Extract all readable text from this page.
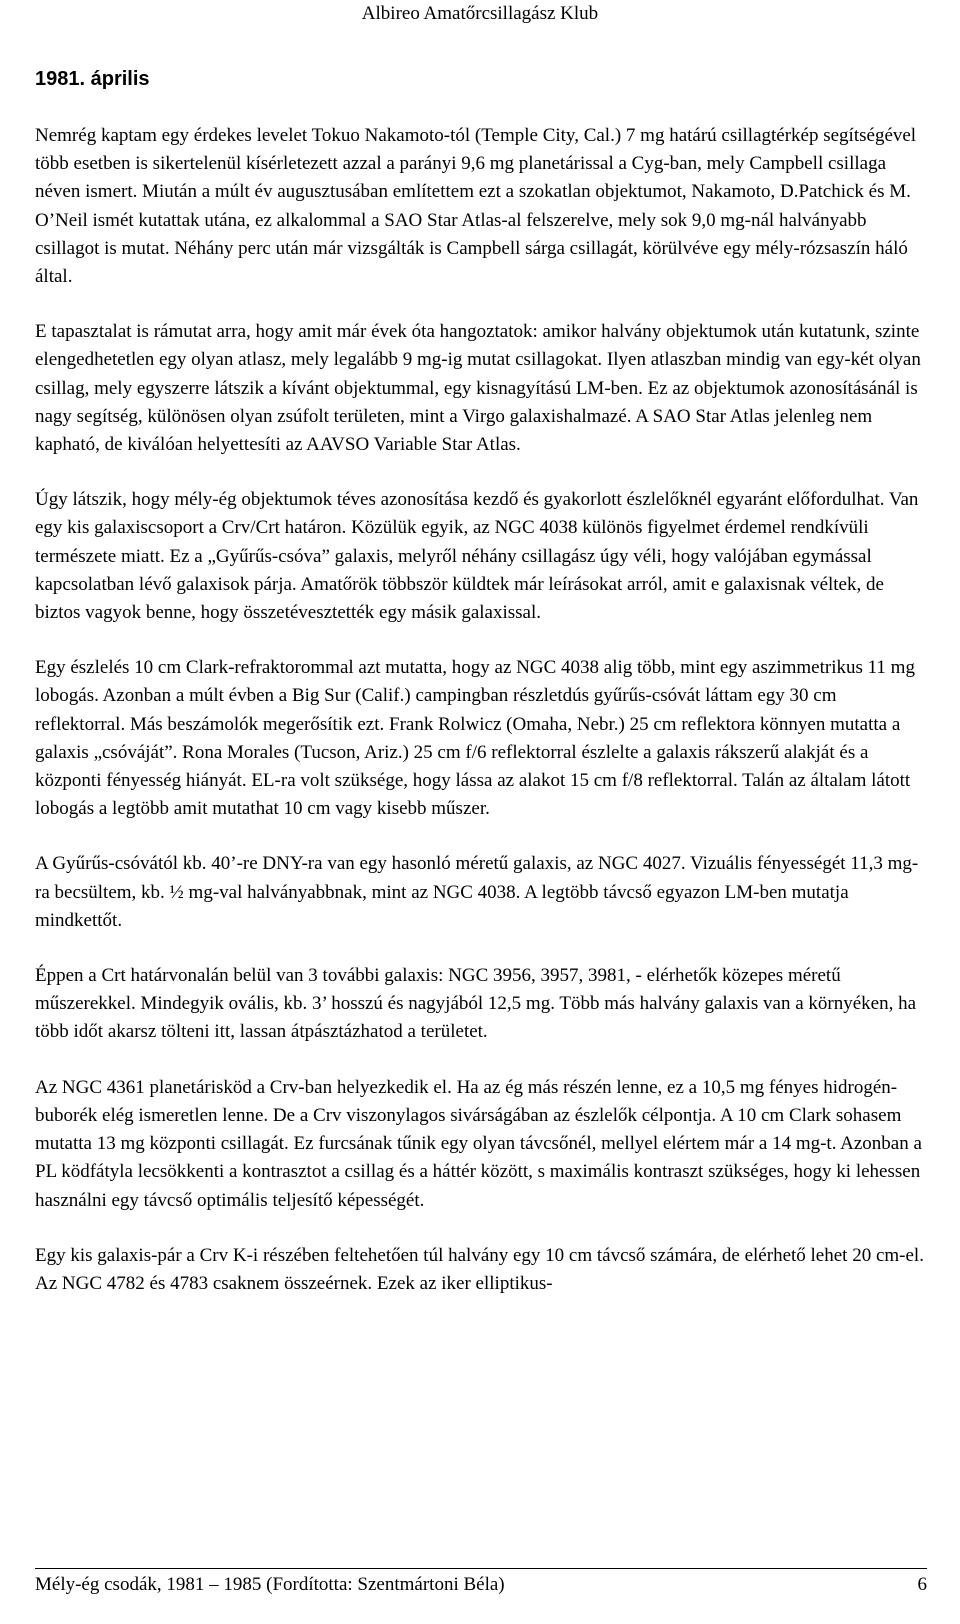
Albireo Amatőrcsillagász Klub
1981. április

Nemrég kaptam egy érdekes levelet Tokuo Nakamoto-tól (Temple City, Cal.) 7 mg határú csillagtérkép segítségével több esetben is sikertelenül kísérletezett azzal a parányi 9,6 mg planetárissal a Cyg-ban, mely Campbell csillaga néven ismert. Miután a múlt év augusztusában említettem ezt a szokatlan objektumot, Nakamoto, D.Patchick és M. O’Neil ismét kutattak utána, ez alkalommal a SAO Star Atlas-al felszerelve, mely sok 9,0 mg-nál halványabb csillagot is mutat. Néhány perc után már vizsgálták is Campbell sárga csillagát, körülvéve egy mély-rózsaszín háló által.

E tapasztalat is rámutat arra, hogy amit már évek óta hangoztatok: amikor halvány objektumok után kutatunk, szinte elengedhetetlen egy olyan atlasz, mely legalább 9 mg-ig mutat csillagokat. Ilyen atlaszban mindig van egy-két olyan csillag, mely egyszerre látszik a kívánt objektummal, egy kisnagyítású LM-ben. Ez az objektumok azonosításánál is nagy segítség, különösen olyan zsúfolt területen, mint a Virgo galaxishalmazé. A SAO Star Atlas jelenleg nem kapható, de kiválóan helyettesíti az AAVSO Variable Star Atlas.

Úgy látszik, hogy mély-ég objektumok téves azonosítása kezdő és gyakorlott észlelőknél egyaránt előfordulhat. Van egy kis galaxiscsoport a Crv/Crt határon. Közülük egyik, az NGC 4038 különös figyelmet érdemel rendkívüli természete miatt. Ez a „Gyűrűs-csóva” galaxis, melyről néhány csillagász úgy véli, hogy valójában egymással kapcsolatban lévő galaxisok párja. Amatőrök többször küldtek már leírásokat arról, amit e galaxisnak véltek, de biztos vagyok benne, hogy összetévesztették egy másik galaxissal.

Egy észlelés 10 cm Clark-refraktorommal azt mutatta, hogy az NGC 4038 alig több, mint egy aszimmetrikus 11 mg lobogás. Azonban a múlt évben a Big Sur (Calif.) campingban részletdús gyűrűs-csóvát láttam egy 30 cm reflektorral. Más beszámolók megerősítik ezt. Frank Rolwicz (Omaha, Nebr.) 25 cm reflektora könnyen mutatta a galaxis „csóváját”. Rona Morales (Tucson, Ariz.) 25 cm f/6 reflektorral észlelte a galaxis rákszerű alakját és a központi fényesség hiányát. EL-ra volt szüksége, hogy lássa az alakot 15 cm f/8 reflektorral. Talán az általam látott lobogás a legtöbb amit mutathat 10 cm vagy kisebb műszer.

A Gyűrűs-csóvától kb. 40’-re DNY-ra van egy hasonló méretű galaxis, az NGC 4027. Vizuális fényességét 11,3 mg-ra becsültem, kb. ½ mg-val halványabbnak, mint az NGC 4038. A legtöbb távcső egyazon LM-ben mutatja mindkettőt.

Éppen a Crt határvonalán belül van 3 további galaxis: NGC 3956, 3957, 3981, - elérhetők közepes méretű műszerekkel. Mindegyik ovális, kb. 3’ hosszú és nagyjából 12,5 mg. Több más halvány galaxis van a környéken, ha több időt akarsz tölteni itt, lassan átpásztázhatod a területet.

Az NGC 4361 planetáriskö‍d a Crv-ban helyezkedik el. Ha az ég más részén lenne, ez a 10,5 mg fényes hidrogén-buborék elég ismeretlen lenne. De a Crv viszonylagos sivárságában az észlelők célpontja. A 10 cm Clark sohasem mutatta 13 mg központi csillagát. Ez furcsának tűnik egy olyan távcsőnél, mellyel elértem már a 14 mg-t. Azonban a PL ködfátyla lecsökkenti a kontrasztot a csillag és a háttér között, s maximális kontraszt szükséges, hogy ki lehessen használni egy távcső optimális teljesítő képességét.

Egy kis galaxis-pár a Crv K-i részében feltehetően túl halvány egy 10 cm távcső számára, de elérhető lehet 20 cm-el. Az NGC 4782 és 4783 csaknem összeérnek. Ezek az iker elliptikus-

Mély-ég csodák, 1981 – 1985 (Fordította: Szentmártoni Béla)	6
